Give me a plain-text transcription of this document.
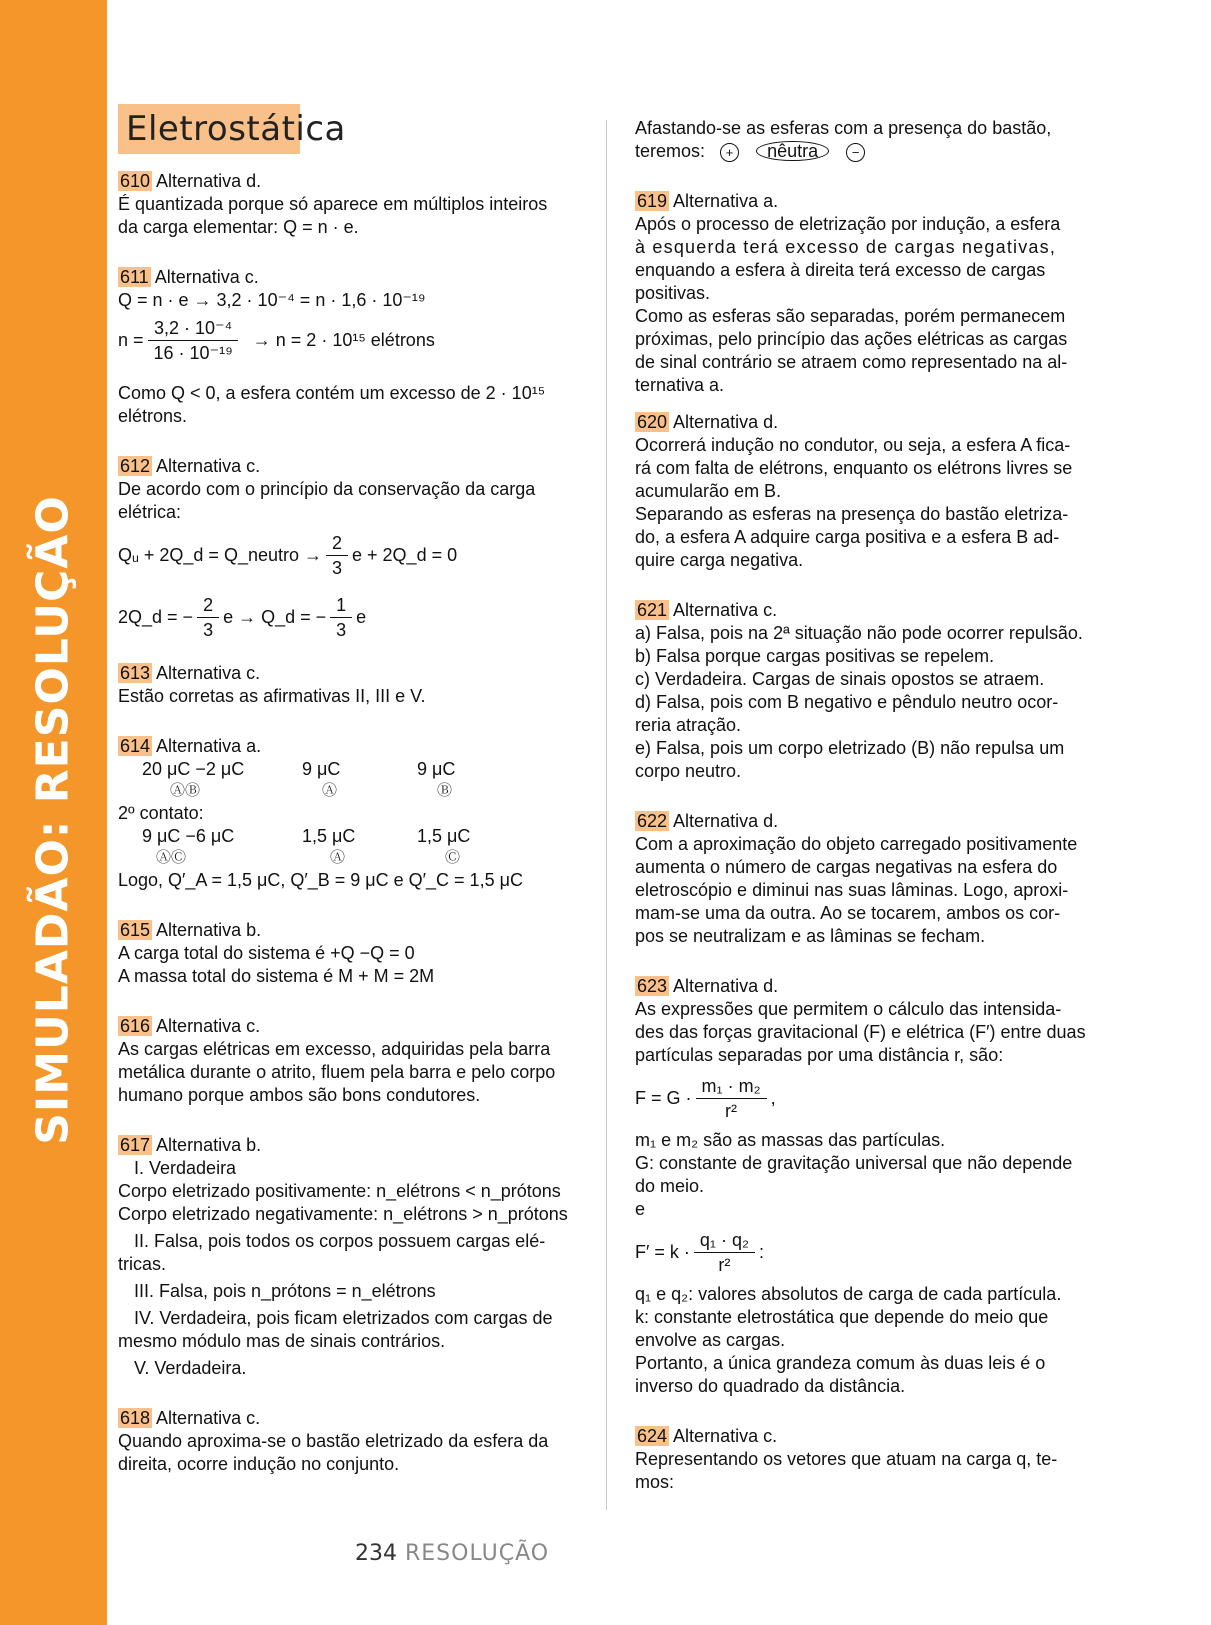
SIMULADÃO: RESOLUÇÃO
Eletrostática
610 Alternativa d.
É quantizada porque só aparece em múltiplos inteiros
da carga elementar: Q = n · e.
611 Alternativa c.
Q = n · e → 3,2 · 10⁻⁴ = n · 1,6 · 10⁻¹⁹
$n = \frac{\text{3,2 · 10⁻⁴}}{\text{16 · 10⁻¹⁹}} \to n = 2 \cdot 10^{15}$ elétrons
Como Q < 0, a esfera contém um excesso de 2 · 10¹⁵
elétrons.
612 Alternativa c.
De acordo com o princípio da conservação da carga
elétrica:
Qᵤ + 2Q_d = Q_neutro → $\frac{2}{3}$ e + 2Q_d = 0
2Q_d = − $\frac{2}{3}$ e → Q_d = − $\frac{1}{3}$ e
613 Alternativa c.
Estão corretas as afirmativas II, III e V.
614 Alternativa a.
20 μC −2 μC	9 μC	9 μC
ⒶⒷ	Ⓐ	Ⓑ
2º contato:
9 μC −6 μC	1,5 μC	1,5 μC
ⒶⒸ	Ⓐ	Ⓒ
Logo, Q′_A = 1,5 μC, Q′_B = 9 μC e Q′_C = 1,5 μC
615 Alternativa b.
A carga total do sistema é +Q −Q = 0
A massa total do sistema é M + M = 2M
616 Alternativa c.
As cargas elétricas em excesso, adquiridas pela barra
metálica durante o atrito, fluem pela barra e pelo corpo
humano porque ambos são bons condutores.
617 Alternativa b.
I. Verdadeira
Corpo eletrizado positivamente: n_elétrons < n_prótons
Corpo eletrizado negativamente: n_elétrons > n_prótons
II. Falsa, pois todos os corpos possuem cargas elé-
tricas.
III. Falsa, pois n_prótons = n_elétrons
IV. Verdadeira, pois ficam eletrizados com cargas de
mesmo módulo mas de sinais contrários.
V. Verdadeira.
618 Alternativa c.
Quando aproxima-se o bastão eletrizado da esfera da
direita, ocorre indução no conjunto.
Afastando-se as esferas com a presença do bastão,
teremos: + nêutra	−
619 Alternativa a.
Após o processo de eletrização por indução, a esfera
à esquerda terá excesso de cargas negativas,
enquando a esfera à direita terá excesso de cargas
positivas.
Como as esferas são separadas, porém permanecem
próximas, pelo princípio das ações elétricas as cargas
de sinal contrário se atraem como representado na al-
ternativa a.
620 Alternativa d.
Ocorrerá indução no condutor, ou seja, a esfera A fica-
rá com falta de elétrons, enquanto os elétrons livres se
acumularão em B.
Separando as esferas na presença do bastão eletriza-
do, a esfera A adquire carga positiva e a esfera B ad-
quire carga negativa.
621 Alternativa c.
a) Falsa, pois na 2ª situação não pode ocorrer repulsão.
b) Falsa porque cargas positivas se repelem.
c) Verdadeira. Cargas de sinais opostos se atraem.
d) Falsa, pois com B negativo e pêndulo neutro ocor-
reria atração.
e) Falsa, pois um corpo eletrizado (B) não repulsa um
corpo neutro.
622 Alternativa d.
Com a aproximação do objeto carregado positivamente
aumenta o número de cargas negativas na esfera do
eletroscópio e diminui nas suas lâminas. Logo, aproxi-
mam-se uma da outra. Ao se tocarem, ambos os cor-
pos se neutralizam e as lâminas se fecham.
623 Alternativa d.
As expressões que permitem o cálculo das intensida-
des das forças gravitacional (F) e elétrica (F′) entre duas
partículas separadas por uma distância r, são:
$F = G \cdot \frac{\text{m₁ · m₂}}{\text{r²}}$ ,
m₁ e m₂ são as massas das partículas.
G: constante de gravitação universal que não depende
do meio.
e
$F' = k \cdot \frac{\text{q₁ · q₂}}{\text{r²}}$ :
q₁ e q₂: valores absolutos de carga de cada partícula.
k: constante eletrostática que depende do meio que
envolve as cargas.
Portanto, a única grandeza comum às duas leis é o
inverso do quadrado da distância.
624 Alternativa c.
Representando os vetores que atuam na carga q, te-
mos:
234 RESOLUÇÃO
